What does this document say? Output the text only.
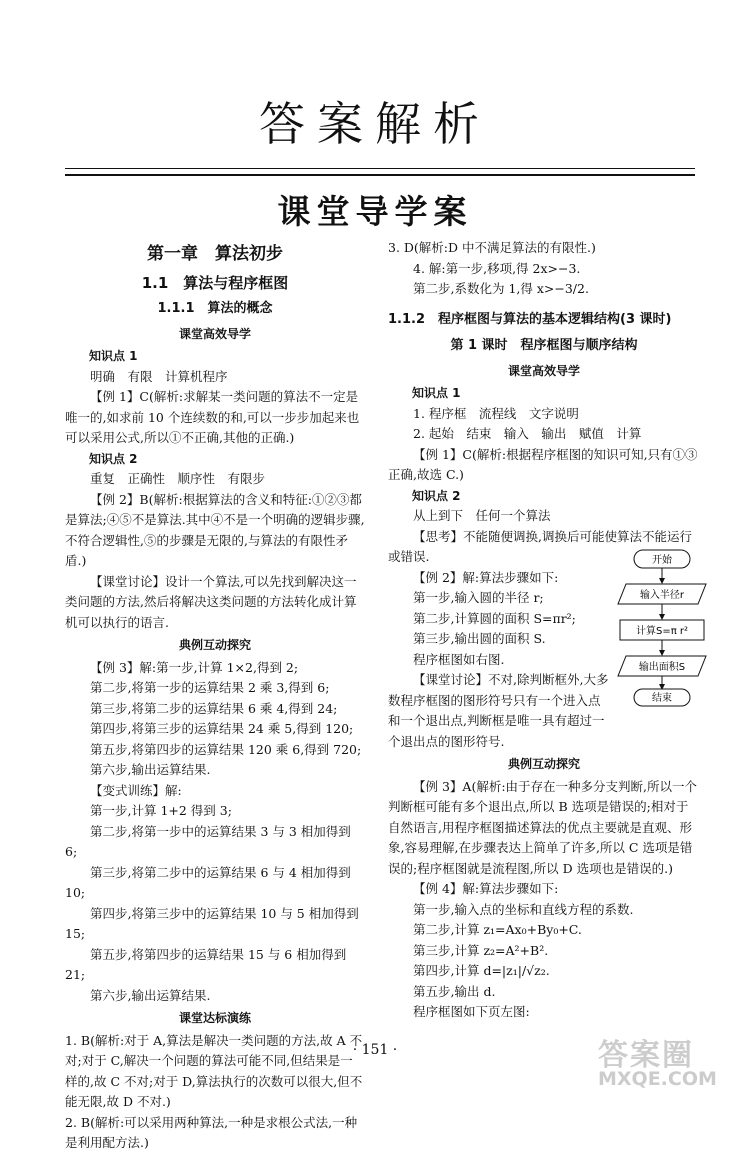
答案解析
课堂导学案
第一章　算法初步
1.1　算法与程序框图
1.1.1　算法的概念
课堂高效导学

知识点 1

明确　有限　计算机程序

【例 1】C(解析:求解某一类问题的算法不一定是唯一的,如求前 10 个连续数的和,可以一步步加起来也可以采用公式,所以①不正确,其他的正确.)

知识点 2

重复　正确性　顺序性　有限步

【例 2】B(解析:根据算法的含义和特征:①②③都是算法;④⑤不是算法.其中④不是一个明确的逻辑步骤,不符合逻辑性,⑤的步骤是无限的,与算法的有限性矛盾.)

【课堂讨论】设计一个算法,可以先找到解决这一类问题的方法,然后将解决这类问题的方法转化成计算机可以执行的语言.

典例互动探究

【例 3】解:第一步,计算 1×2,得到 2;

第二步,将第一步的运算结果 2 乘 3,得到 6;

第三步,将第二步的运算结果 6 乘 4,得到 24;

第四步,将第三步的运算结果 24 乘 5,得到 120;

第五步,将第四步的运算结果 120 乘 6,得到 720;

第六步,输出运算结果.

【变式训练】解:

第一步,计算 1+2 得到 3;

第二步,将第一步中的运算结果 3 与 3 相加得到 6;

第三步,将第二步中的运算结果 6 与 4 相加得到 10;

第四步,将第三步中的运算结果 10 与 5 相加得到 15;

第五步,将第四步的运算结果 15 与 6 相加得到 21;

第六步,输出运算结果.

课堂达标演练

1. B(解析:对于 A,算法是解决一类问题的方法,故 A 不对;对于 C,解决一个问题的算法可能不同,但结果是一样的,故 C 不对;对于 D,算法执行的次数可以很大,但不能无限,故 D 不对.)

2. B(解析:可以采用两种算法,一种是求根公式法,一种是利用配方法.)

3. D(解析:D 中不满足算法的有限性.)

4. 解:第一步,移项,得 2x>−3.

第二步,系数化为 1,得 x>−3/2.

1.1.2　程序框图与算法的基本逻辑结构(3 课时)
第 1 课时　程序框图与顺序结构
课堂高效导学

知识点 1

1. 程序框　流程线　文字说明

2. 起始　结束　输入　输出　赋值　计算

【例 1】C(解析:根据程序框图的知识可知,只有①③正确,故选 C.)

知识点 2

从上到下　任何一个算法

【思考】不能随便调换,调换后可能使算法不能运行或错误.

【例 2】解:算法步骤如下:

第一步,输入圆的半径 r;

第二步,计算圆的面积 S=πr²;

第三步,输出圆的面积 S.

程序框图如右图.

【课堂讨论】不对,除判断框外,大多数程序框图的图形符号只有一个进入点和一个退出点,判断框是唯一具有超过一个退出点的图形符号.

典例互动探究

【例 3】A(解析:由于存在一种多分支判断,所以一个判断框可能有多个退出点,所以 B 选项是错误的;相对于自然语言,用程序框图描述算法的优点主要就是直观、形象,容易理解,在步骤表达上简单了许多,所以 C 选项是错误的;程序框图就是流程图,所以 D 选项也是错误的.)

【例 4】解:算法步骤如下:

第一步,输入点的坐标和直线方程的系数.

第二步,计算 z₁=Ax₀+By₀+C.

第三步,计算 z₂=A²+B².

第四步,计算 d=|z₁|/√z₂.

第五步,输出 d.

程序框图如下页左图:

开始
输入半径r
计算S=π r²
输出面积S
结束
· 151 ·	答案圈
MXQE.COM
